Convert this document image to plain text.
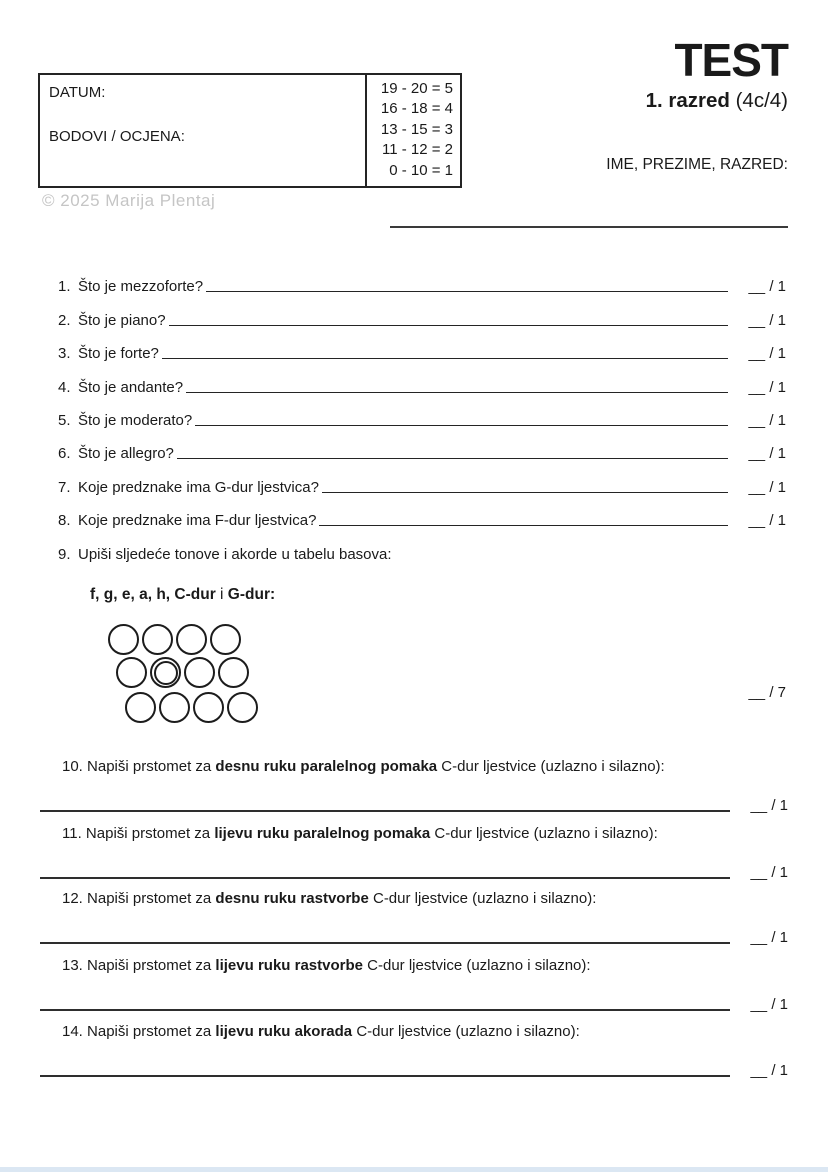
DATUM:
BODOVI / OCJENA:
19 - 20 = 5
16 - 18 = 4
13 - 15 = 3
11 - 12 = 2
0 - 10 = 1
© 2025 Marija Plentaj
TEST
1. razred (4c/4)
IME, PREZIME, RAZRED:
1. Što je mezzoforte?	__ / 1
2. Što je piano?	__ / 1
3. Što je forte?	__ / 1
4. Što je andante?	__ / 1
5. Što je moderato?	__ / 1
6. Što je allegro?	__ / 1
7. Koje predznake ima G-dur ljestvica?	__ / 1
8. Koje predznake ima F-dur ljestvica?	__ / 1
9. Upiši sljedeće tonove i akorde u tabelu basova:
f, g, e, a, h, C-dur i G-dur:
__ / 7
10. Napiši prstomet za desnu ruku paralelnog pomaka C-dur ljestvice (uzlazno i silazno):
__ / 1
11. Napiši prstomet za lijevu ruku paralelnog pomaka C-dur ljestvice (uzlazno i silazno):
__ / 1
12. Napiši prstomet za desnu ruku rastvorbe C-dur ljestvice (uzlazno i silazno):
__ / 1
13. Napiši prstomet za lijevu ruku rastvorbe C-dur ljestvice (uzlazno i silazno):
__ / 1
14. Napiši prstomet za lijevu ruku akorada C-dur ljestvice (uzlazno i silazno):
__ / 1
